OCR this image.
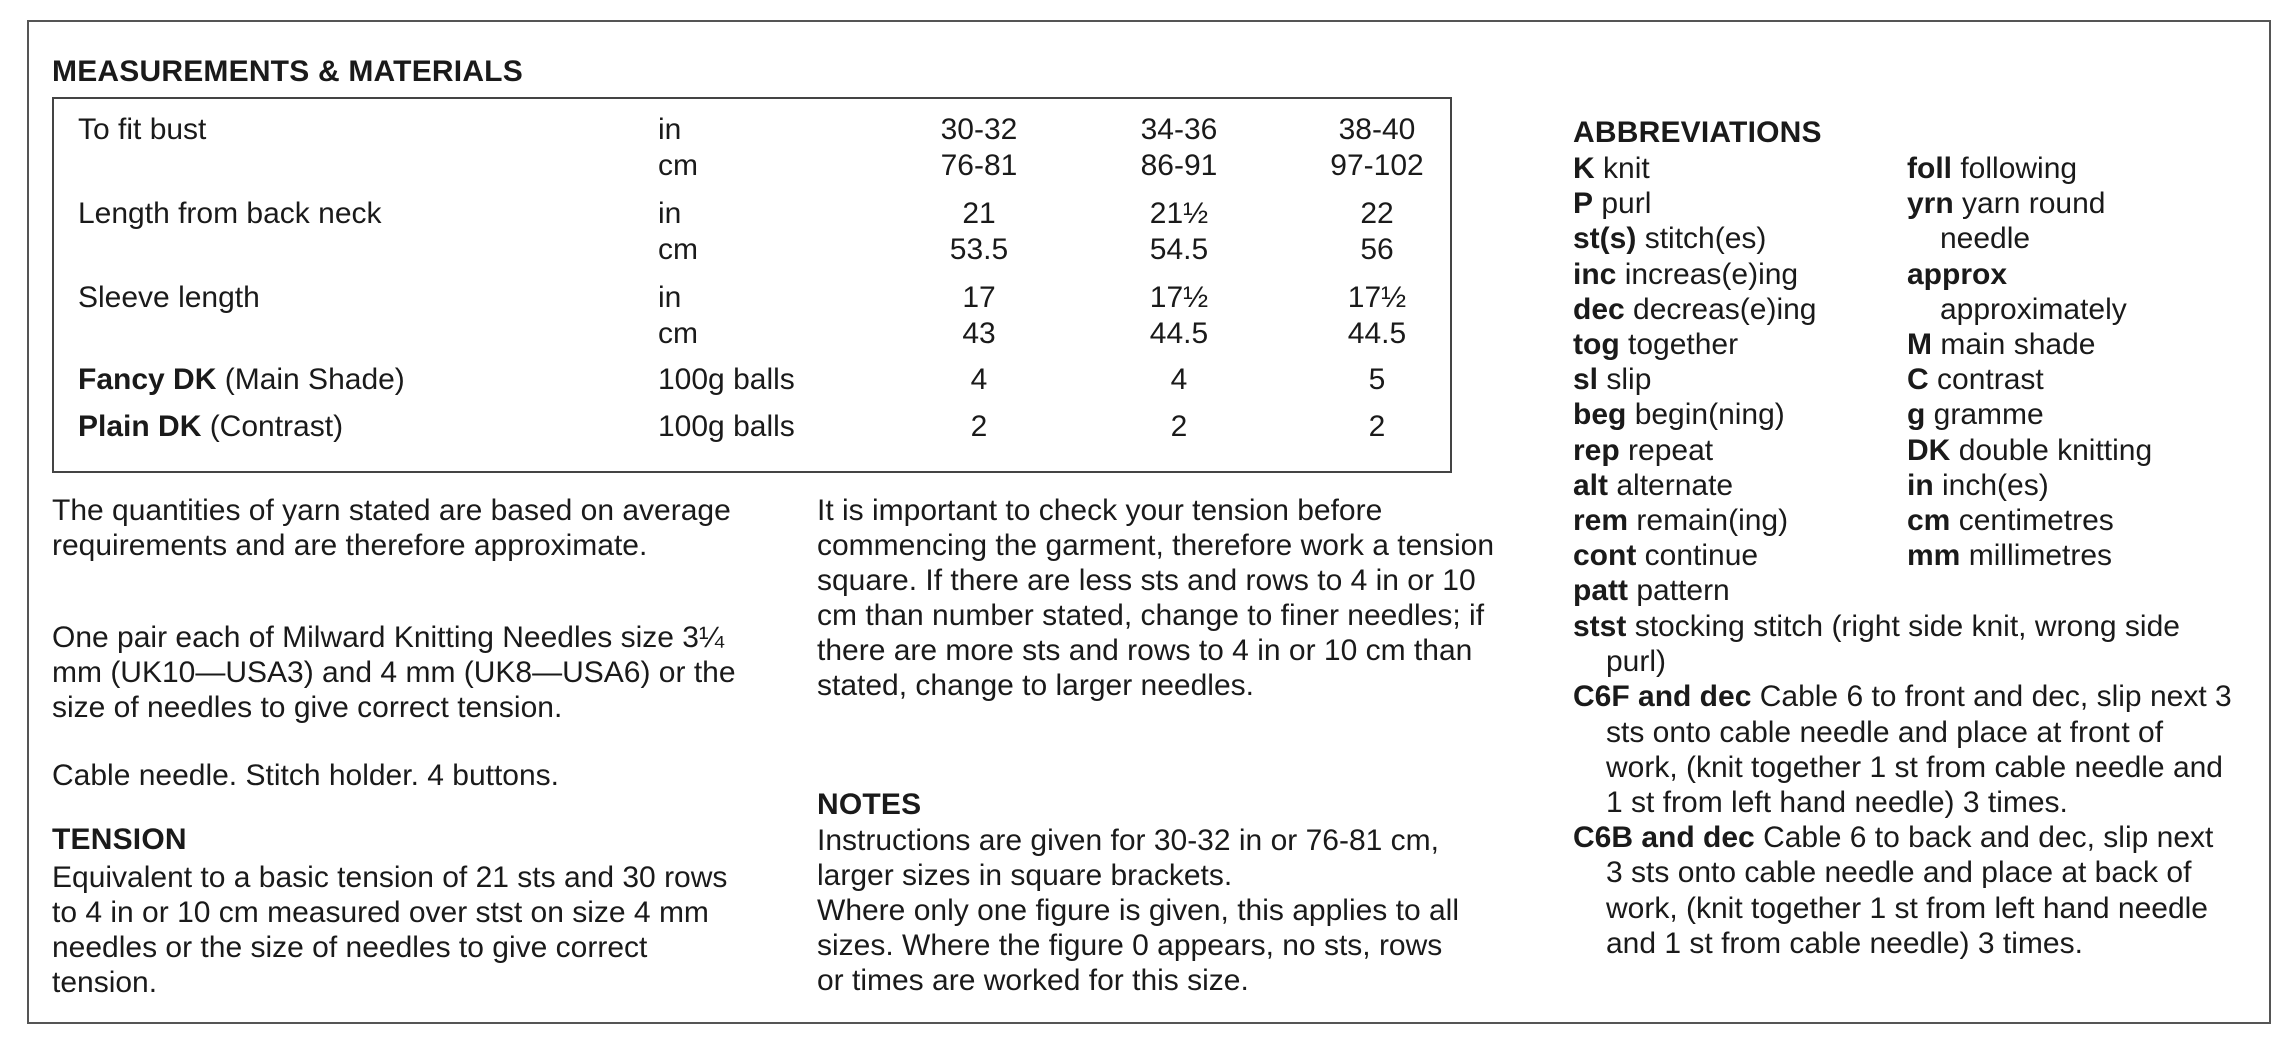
MEASUREMENTS & MATERIALS
To fit bust	in	30-32	34-36	38-40
cm	76-81	86-91	97-102
Length from back neck	in	21	21½	22
cm	53.5	54.5	56
Sleeve length	in	17	17½	17½
cm	43	44.5	44.5
Fancy DK (Main Shade)	100g balls	4	4	5
Plain DK (Contrast)	100g balls	2	2	2

The quantities of yarn stated are based on average requirements and are therefore approximate.

One pair each of Milward Knitting Needles size 3¼ mm (UK10—USA3) and 4 mm (UK8—USA6) or the size of needles to give correct tension.

Cable needle. Stitch holder. 4 buttons.

TENSION

Equivalent to a basic tension of 21 sts and 30 rows to 4 in or 10 cm measured over stst on size 4 mm needles or the size of needles to give correct tension.

It is important to check your tension before commencing the garment, therefore work a tension square. If there are less sts and rows to 4 in or 10 cm than number stated, change to finer needles; if there are more sts and rows to 4 in or 10 cm than stated, change to larger needles.

NOTES

Instructions are given for 30-32 in or 76-81 cm, larger sizes in square brackets.

Where only one figure is given, this applies to all sizes. Where the figure 0 appears, no sts, rows or times are worked for this size.

ABBREVIATIONS
K knit
P purl
st(s) stitch(es)
inc increas(e)ing
dec decreas(e)ing
tog together
sl slip
beg begin(ning)
rep repeat
alt alternate
rem remain(ing)
cont continue
patt pattern
foll following
yrn yarn round
needle
approx
approximately
M main shade
C contrast
g gramme
DK double knitting
in inch(es)
cm centimetres
mm millimetres

stst stocking stitch (right side knit, wrong side purl)

C6F and dec Cable 6 to front and dec, slip next 3 sts onto cable needle and place at front of work, (knit together 1 st from cable needle and 1 st from left hand needle) 3 times.

C6B and dec Cable 6 to back and dec, slip next 3 sts onto cable needle and place at back of work, (knit together 1 st from left hand needle and 1 st from cable needle) 3 times.
